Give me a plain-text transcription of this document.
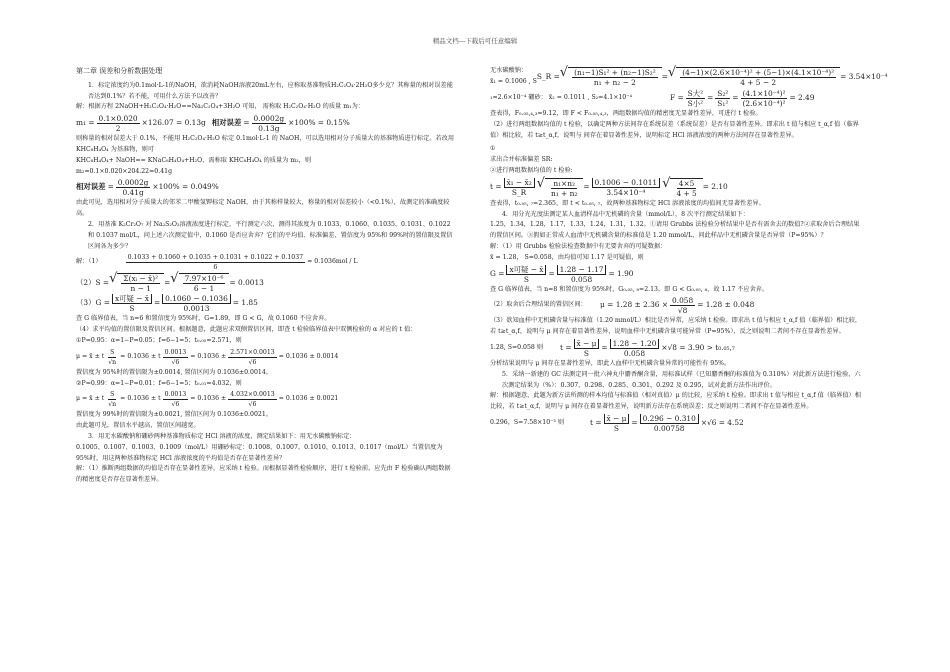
精品文档---下载后可任意编辑

第二章 误差和分析数据处理

1．标定浓度约为0.1mol·L-1的NaOH，欲消耗NaOH溶液20mL左右，应称取基准物质H₂C₂O₄·2H₂O多少克？其称量的相对误差能否达到0.1%？若不能，可用什么方法予以改善？

解：根据方程 2NaOH+H₂C₂O₄·H₂O==Na₂C₂O₄+3H₂O 可知， 需称取 H₂C₂O₄·H₂O 的质量 m₁为：

$m_1 = \frac{0.1\times 0.020}{2} \times 126.07 = 0.13g$ 相对误差 = $\frac{0.0002g}{0.13g} \times 100\% = 0.15\%$

则称量的相对误差大于 0.1%，不能用 H₂C₂O₄·H₂O 标定 0.1mol·L-1 的 NaOH，可以选用相对分子质量大的基准物质进行标定。若改用 KHC₈H₄O₄ 为基准物，则可

KHC₈H₄O₄+ NaOH== KNaC₈H₄O₄+H₂O，需称取 KHC₈H₄O₄ 的质量为 m₂，则

m₂=0.1×0.020×204.22=0.41g

相对误差 = $\frac{0.0002g}{0.41g} \times 100\% = 0.049\%$

由此可见，选用相对分子质量大的邻苯二甲酸氢钾标定 NaOH，由于其称样量较大，称量的相对误差较小（<0.1%），故测定的准确度较高。

2．用基准 K₂Cr₂O₇ 对 Na₂S₂O₃溶液浓度进行标定，平行测定六次，测得其浓度为 0.1033、0.1060、0.1035、0.1031、0.1022 和 0.1037 mol/L，问上述六次测定值中，0.1060 是否应舍弃？它们的平均值、标准偏差、置信度为 95%和 99%时的置信限及置信区间各为多少？

解：（1）	$\frac{0.1033 + 0.1060 + 0.1035 + 0.1031 + 0.1022 + 0.1037}{6} = 0.1036mol / L$
（2） S = √ $\frac{\text{Σ(xᵢ − x̄)²}}{n - 1}$ = √ $\frac{\text{7.97×10⁻⁶}}{6 - 1} = 0.0013$
（3） $G = \frac{\text{x可疑 − x̄}}{S} = \frac{0.1060 - 0.1036}{0.0013} = 1.85$

查 G 临界值表，当 n=6 和置信度为 95%时，G=1.89，即 G < G，故 0.1060 不应舍弃。

（4）求平均值的置信限及置信区间。根据题意，此题应求双侧置信区间，即查 t 检验临界值表中双侧检验的 α 对应的 t 值：

①P=0.95：α=1−P=0.05；f=6−1=5；t₀.₀₅=2.571，则

μ = x̄ ± t $\frac{S}{√n} = 0.1036 \pm t \frac{0.0013}{√6} = 0.1036 \pm \frac{2.571\times 0.0013}{√6} = 0.1036 \pm 0.0014$

置信度为 95%时的置信限为±0.0014, 置信区间为 0.1036±0.0014。

②P=0.99：α=1−P=0.01；f=6−1=5；t₀.₀₁=4.032，则

μ = x̄ ± t $\frac{S}{√n} = 0.1036 \pm t \frac{0.0013}{√6} = 0.1036 \pm \frac{4.032\times 0.0013}{√6} = 0.1036 \pm 0.0021$

置信度为 99%时的置信限为±0.0021, 置信区间为 0.1036±0.0021。

由此题可见，置信水平越高，置信区间越宽。

3．用无水碳酸钠和硼砂两种基准物质标定 HCl 溶液的浓度，测定结果如下：用无水碳酸钠标定：

0.1005、0.1007、0.1003、0.1009（mol/L）用硼砂标定：0.1008、0.1007、0.1010、0.1013、0.1017（mol/L）当置信度为 95%时，用这两种基准物标定 HCl 溶液浓度的平均值是否存在显著性差异？

解：（1）推断两组数据的均值是否存在显著性差异，应采纳 t 检验。而根据显著性检验顺序，进行 t 检验前，应先由 F 检验确认两组数据的精密度是否存在显著性差异。

无水碳酸钠：

x̄₁ = 0.1006 , S

S_R = √ $\frac{\text{(n₁−1)S₁² + (n₂−1)S₂²}}{\text{n₁ + n₂ − 2}}$ = √ $\frac{\text{(4−1)×(2.6×10⁻⁴)² + (5−1)×(4.1×10⁻⁴)²}}{4 + 5 - 2} = 3.54\times 10^{-4}$

₁=2.6×10⁻⁴ 硼砂： x̄₂ = 0.1011 , S₂=4.1×10⁻⁴	$F = \frac{\text{S大²}}{\text{S小²}} = \frac{\text{S₂²}}{\text{S₁²}} = \frac{\text{(4.1×10⁻⁴)²}}{\text{(2.6×10⁻⁴)²}} = 2.49$

查表得，F₀.₀₅,₄,₃=9.12，即 F < F₀.₀₅,₄,₃，两组数据均值的精密度无显著性差异，可进行 t 检验。

（2）进行两组数据均值的 t 检验，以确定两种方法间存在系统误差（系统误差）是否有显著性差异。即求出 t 值与相应 t_α,f 值（临界值）相比较，若 t≥t_α,f，说明与 间存在着显著性差异，说明标定 HCl 溶液浓度的两种方法间存在显著性差异。

①

求出合并标准偏差 SR:

②进行两组数据均值的 t 检验:

$t = \frac{\text{x̄₁ − x̄₂}}{S\_R}$ √ $\frac{\text{n₁×n₂}}{\text{n₁ + n₂}} = \frac{0.1006 - 0.1011}{\text{3.54×10⁻⁴}}$ √ $\frac{4\times 5}{4 + 5} = 2.10$

查表得，t₀.₀₅, ₇=2.365，即 t < t₀.₀₅, ₇，故两种基准物标定 HCl 溶液浓度的均值间无显著性差异。

4．用分光光度法测定某人血清样品中无机磷的含量（mmol/L），8 次平行测定结果如下：

1.25，1.34，1.28，1.17，1.33，1.24，1.31，1.32。①请用 Grubbs 法检验分析结果中是否有需舍去的数值?②求取舍后合理结果的置信区间。③假如正常成人血清中无机磷含量的标准值是 1.20 mmol/L，问此样品中无机磷含量是否异常（P=95%）？

解：（1）用 Grubbs 检验法检查数据中有无要舍弃的可疑数据：

x̄ = 1.28， S=0.058，由均值可知 1.17 是可疑值，则

$G = \frac{\text{x可疑 − x̄}}{S} = \frac{1.28 - 1.17}{0.058} = 1.90$

查 G 临界值表，当 n=8 和置信度为 95%时，G₀.₀₅, ₈=2.13，即 G < G₀.₀₅, ₈，故 1.17 不应舍弃。

（2）取舍后合理结果的置信区间：	$\mu = 1.28 \pm 2.36 \times \frac{0.058}{√8} = 1.28 \pm 0.048$

（3）欲知血样中无机磷含量与标准值（1.20 mmol/L）相比是否异常，应采纳 t 检验。即求出 t 值与相应 t_α,f 值（临界值）相比较，若 t≥t_α,f，说明与 μ 间存在着显著性差异，说明血样中无机磷含量可能异常（P=95%），反之则说明二者间不存在显著性差异。

1.28, S=0.058 则	$t = \frac{x̄ - \mu}{S} = \frac{1.28 - 1.20}{0.058} \times√8 = 3.90 > t_0._{05},_7$

分析结果说明与 μ 间存在显著性差异，即此人血样中无机磷含量异常的可能性有 95%。

5．采纳一新建的 GC 法测定同一批六神丸中麝香酮含量，用标准试样（已知麝香酮的标准值为 0.310%）对此新方法进行检验，六次测定结果为（%）：0.307、0.298、0.285、0.301、0.292 及 0.295，试对此新方法作出评价。

解：根据题意，此题为新方法所测的样本均值与标准值（相对真值）μ 的比较，应采纳 t 检验。即求出 t 值与相应 t_α,f 值（临界值）相比较，若 t≥t_α,f，说明与 μ 间存在着显著性差异，说明新方法存在系统误差；反之则说明二者间不存在显著性差异。

0.296，S=7.58×10⁻³ 则	$t = \frac{x̄ - \mu}{S} = \frac{0.296 - 0.310}{0.00758} \times√6 = 4.52$
